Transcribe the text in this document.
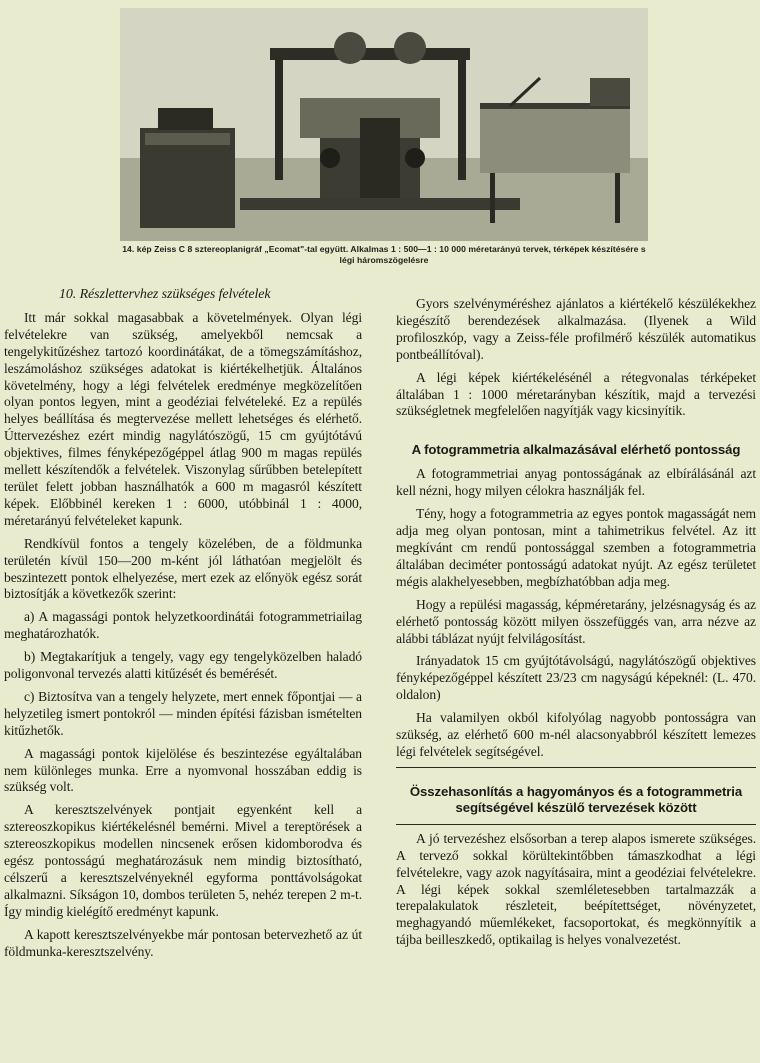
14. kép Zeiss C 8 sztereoplanigráf „Ecomat"-tal együtt. Alkalmas 1 : 500—1 : 10 000 méretarányú tervek, térképek készítésére s légi háromszögelésre
10. Részlettervhez szükséges felvételek

Itt már sokkal magasabbak a követelmények. Olyan légi felvételekre van szükség, amelyekből nemcsak a tengelykitűzéshez tartozó koordinátákat, de a tömegszámításhoz, leszámoláshoz szükséges adatokat is kiértékelhetjük. Általános követelmény, hogy a légi felvételek eredménye megközelítően olyan pontos legyen, mint a geodéziai felvételeké. Ez a repülés helyes beállítása és megtervezése mellett lehetséges és elérhető. Úttervezéshez ezért mindig nagylátószögű, 15 cm gyújtótávú objektives, filmes fényképezőgéppel átlag 900 m magas repülés mellett készítendők a felvételek. Viszonylag sűrűbben betelepített terület felett jobban használhatók a 600 m magasról készített képek. Előbbinél kereken 1 : 6000, utóbbinál 1 : 4000, méretarányú felvételeket kapunk.

Rendkívül fontos a tengely közelében, de a földmunka területén kívül 150—200 m-ként jól láthatóan megjelölt és beszintezett pontok elhelyezése, mert ezek az előnyök egész sorát biztosítják a következők szerint:

a) A magassági pontok helyzetkoordinátái fotogrammetriailag meghatározhatók.

b) Megtakarítjuk a tengely, vagy egy tengelyközelben haladó poligonvonal tervezés alatti kitűzését és bemérését.

c) Biztosítva van a tengely helyzete, mert ennek főpontjai — a helyzetileg ismert pontokról — minden építési fázisban ismételten kitűzhetők.

A magassági pontok kijelölése és beszintezése egyáltalában nem különleges munka. Erre a nyomvonal hosszában eddig is szükség volt.

A keresztszelvények pontjait egyenként kell a sztereoszkopikus kiértékelésnél bemérni. Mivel a tereptörések a sztereoszkopikus modellen nincsenek erősen kidomborodva és egész pontosságú meghatározásuk nem mindig biztosítható, célszerű a keresztszelvényeknél egyforma ponttávolságokat alkalmazni. Síkságon 10, dombos területen 5, nehéz terepen 2 m-t. Így mindig kielégítő eredményt kapunk.

A kapott keresztszelvényekbe már pontosan betervezhető az út földmunka-keresztszelvény.

Gyors szelvényméréshez ajánlatos a kiértékelő készülékekhez kiegészítő berendezések alkalmazása. (Ilyenek a Wild profiloszkóp, vagy a Zeiss-féle profilmérő készülék automatikus pontbeállítóval).

A légi képek kiértékelésénél a rétegvonalas térképeket általában 1 : 1000 méretarányban készítik, majd a tervezési szükségletnek megfelelően nagyítják vagy kicsinyítik.

A fotogrammetria alkalmazásával elérhető pontosság

A fotogrammetriai anyag pontosságának az elbírálásánál azt kell nézni, hogy milyen célokra használják fel.

Tény, hogy a fotogrammetria az egyes pontok magasságát nem adja meg olyan pontosan, mint a tahimetrikus felvétel. Az itt megkívánt cm rendű pontossággal szemben a fotogrammetria általában deciméter pontosságú adatokat nyújt. Az egész területet mégis alakhelyesebben, megbízhatóbban adja meg.

Hogy a repülési magasság, képméretarány, jelzésnagyság és az elérhető pontosság között milyen összefüggés van, arra nézve az alábbi táblázat nyújt felvilágosítást.

Irányadatok 15 cm gyújtótávolságú, nagylátószögű objektives fényképezőgéppel készített 23/23 cm nagyságú képeknél: (L. 470. oldalon)

Ha valamilyen okból kifolyólag nagyobb pontosságra van szükség, az elérhető 600 m-nél alacsonyabbról készített lemezes légi felvételek segítségével.

Összehasonlítás a hagyományos és a fotogrammetria segítségével készülő tervezések között

A jó tervezéshez elsősorban a terep alapos ismerete szükséges. A tervező sokkal körültekintőbben támaszkodhat a légi felvételekre, vagy azok nagyításaira, mint a geodéziai felvételekre. A légi képek sokkal szemléletesebben tartalmazzák a terepalakulatok részleteit, beépítettséget, növényzetet, meghagyandó műemlékeket, facsoportokat, és megkönnyítik a tájba beilleszkedő, optikailag is helyes vonalvezetést.
